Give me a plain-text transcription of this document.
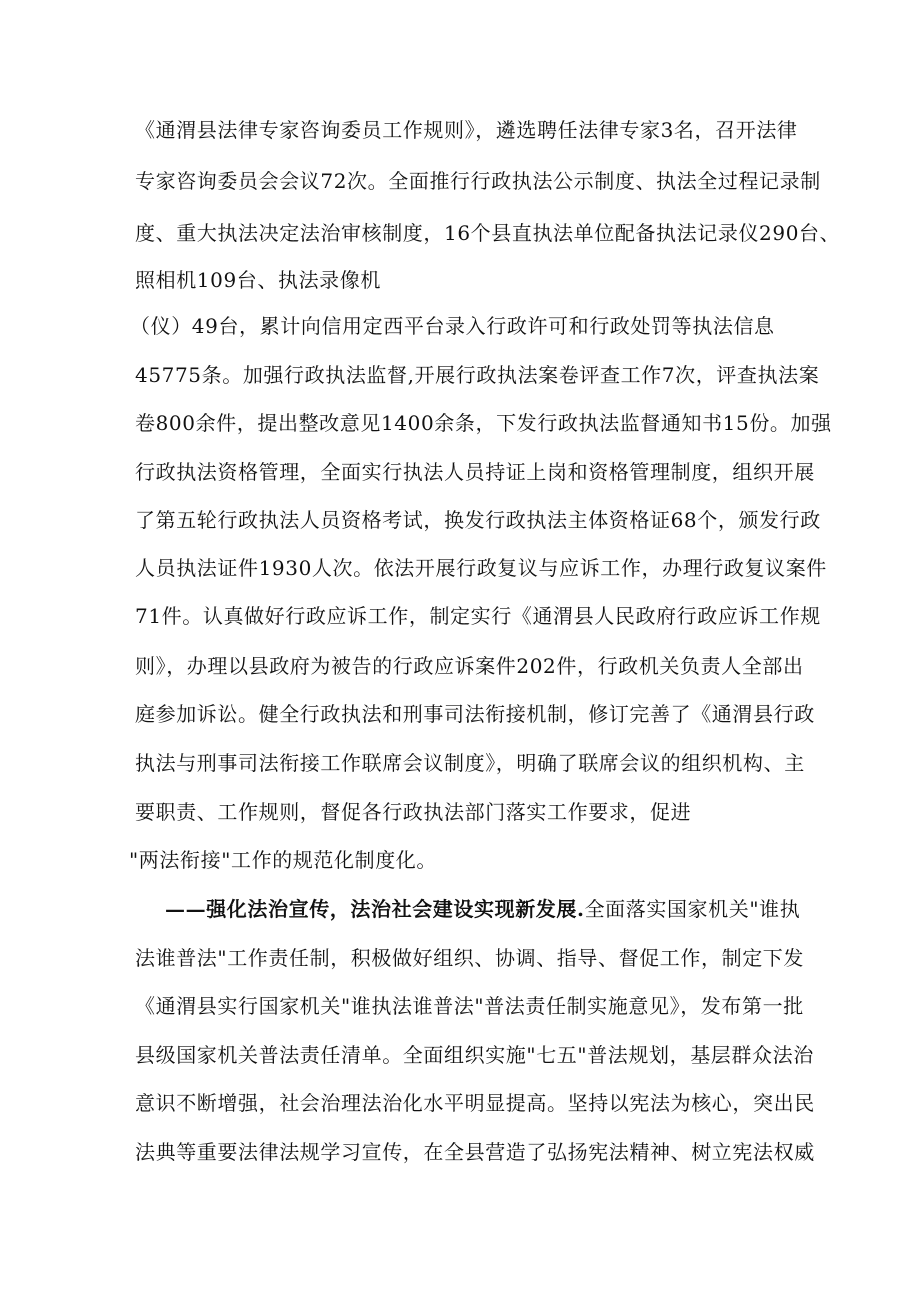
《通渭县法律专家咨询委员工作规则》，遴选聘任法律专家3名，召开法律
专家咨询委员会会议72次。全面推行行政执法公示制度、执法全过程记录制
度、重大执法决定法治审核制度，16个县直执法单位配备执法记录仪290台、
照相机109台、执法录像机
（仪）49台，累计向信用定西平台录入行政许可和行政处罚等执法信息
45775条。加强行政执法监督,开展行政执法案卷评查工作7次，评查执法案
卷800余件，提出整改意见1400余条，下发行政执法监督通知书15份。加强
行政执法资格管理，全面实行执法人员持证上岗和资格管理制度，组织开展
了第五轮行政执法人员资格考试，换发行政执法主体资格证68个，颁发行政
人员执法证件1930人次。依法开展行政复议与应诉工作，办理行政复议案件
71件。认真做好行政应诉工作，制定实行《通渭县人民政府行政应诉工作规
则》，办理以县政府为被告的行政应诉案件202件，行政机关负责人全部出
庭参加诉讼。健全行政执法和刑事司法衔接机制，修订完善了《通渭县行政
执法与刑事司法衔接工作联席会议制度》，明确了联席会议的组织机构、主
要职责、工作规则，督促各行政执法部门落实工作要求，促进
"两法衔接"工作的规范化制度化。
——强化法治宣传，法治社会建设实现新发展.全面落实国家机关"谁执
法谁普法"工作责任制，积极做好组织、协调、指导、督促工作，制定下发
《通渭县实行国家机关"谁执法谁普法"普法责任制实施意见》，发布第一批
县级国家机关普法责任清单。全面组织实施"七五"普法规划，基层群众法治
意识不断增强，社会治理法治化水平明显提高。坚持以宪法为核心，突出民
法典等重要法律法规学习宣传，在全县营造了弘扬宪法精神、树立宪法权威
